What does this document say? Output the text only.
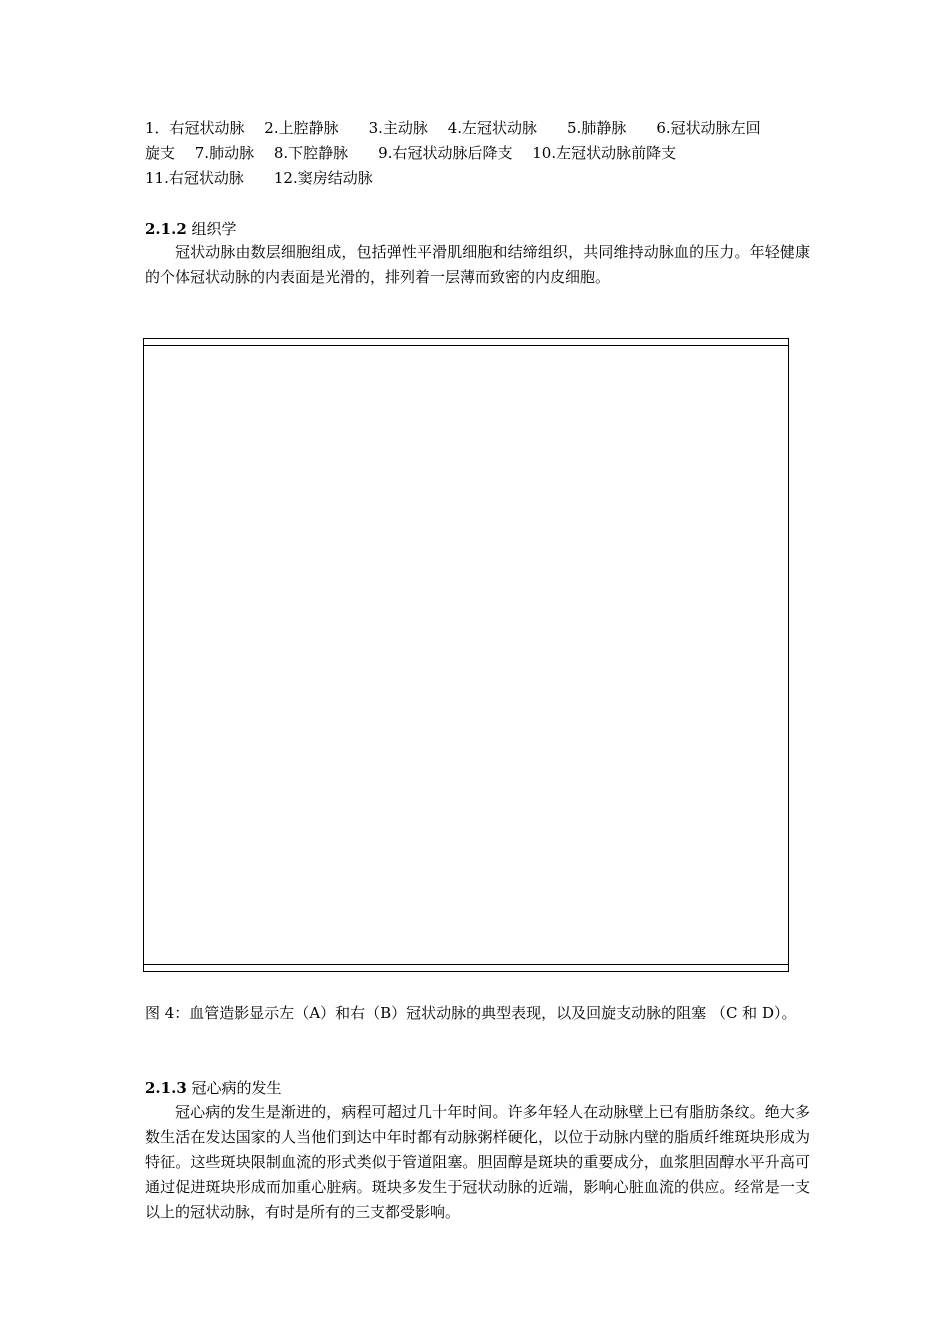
1．右冠状动脉　 2.上腔静脉　　3.主动脉　 4.左冠状动脉　　5.肺静脉　　6.冠状动脉左回
旋支　 7.肺动脉　 8.下腔静脉　　9.右冠状动脉后降支　 10.左冠状动脉前降支
11.右冠状动脉　　12.窦房结动脉
2.1.2 组织学

冠状动脉由数层细胞组成，包括弹性平滑肌细胞和结缔组织，共同维持动脉血的压力。年轻健康的个体冠状动脉的内表面是光滑的，排列着一层薄而致密的内皮细胞。

图 4：血管造影显示左（A）和右（B）冠状动脉的典型表现，以及回旋支动脉的阻塞 （C 和 D）。
2.1.3 冠心病的发生

冠心病的发生是渐进的，病程可超过几十年时间。许多年轻人在动脉壁上已有脂肪条纹。绝大多数生活在发达国家的人当他们到达中年时都有动脉粥样硬化，以位于动脉内壁的脂质纤维斑块形成为特征。这些斑块限制血流的形式类似于管道阻塞。胆固醇是斑块的重要成分，血浆胆固醇水平升高可通过促进斑块形成而加重心脏病。斑块多发生于冠状动脉的近端，影响心脏血流的供应。经常是一支以上的冠状动脉，有时是所有的三支都受影响。
